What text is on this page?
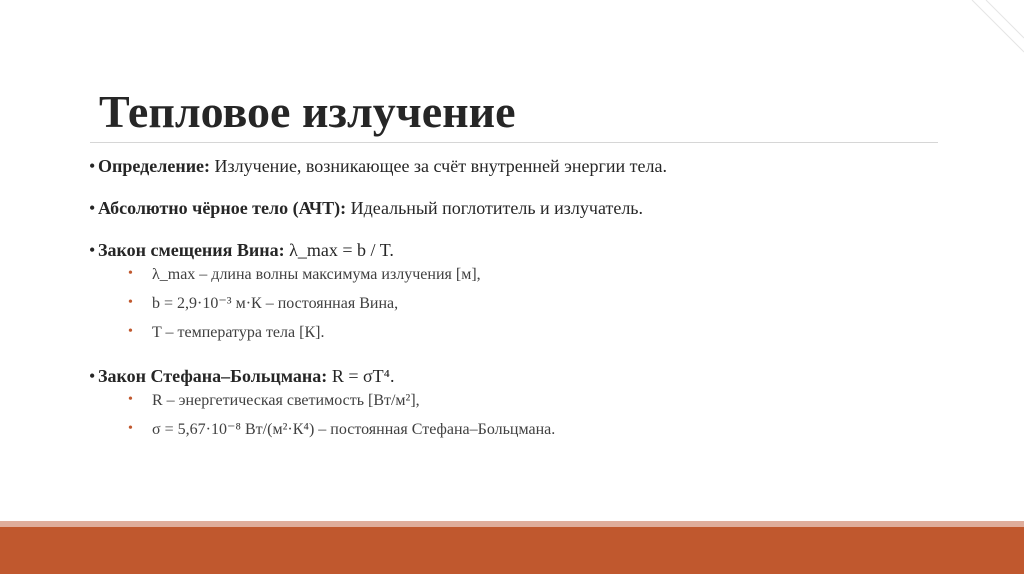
Тепловое излучение
• Определение: Излучение, возникающее за счёт внутренней энергии тела.
• Абсолютно чёрное тело (АЧТ): Идеальный поглотитель и излучатель.
• Закон смещения Вина: λ_max = b / T.
• λ_max – длина волны максимума излучения [м],
• b = 2,9·10⁻³ м·К – постоянная Вина,
• T – температура тела [К].
• Закон Стефана–Больцмана: R = σT⁴.
• R – энергетическая светимость [Вт/м²],
• σ = 5,67·10⁻⁸ Вт/(м²·К⁴) – постоянная Стефана–Больцмана.
